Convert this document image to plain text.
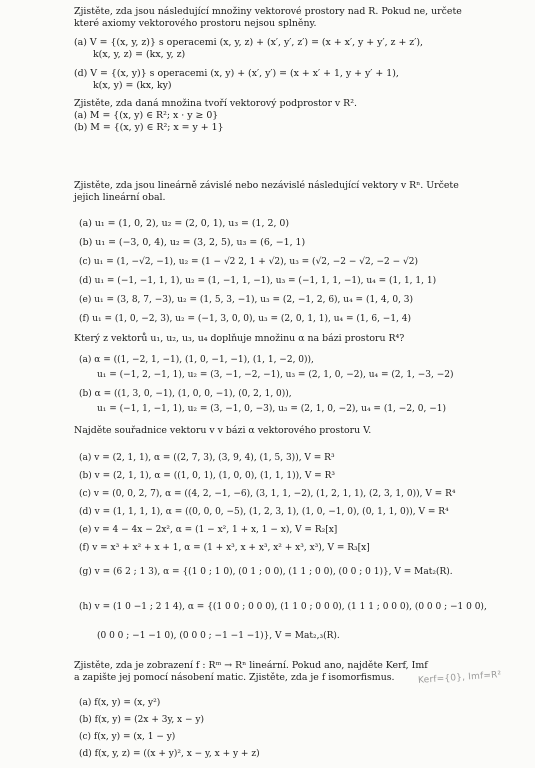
Zjistěte, zda jsou následující množiny vektorové prostory nad R. Pokud ne, určete
které axiomy vektorového prostoru nejsou splněny.
(a) V = {(x, y, z)} s operacemi (x, y, z) + (x′, y′, z′) = (x + x′, y + y′, z + z′),
k(x, y, z) = (kx, y, z)
(d) V = {(x, y)} s operacemi (x, y) + (x′, y′) = (x + x′ + 1, y + y′ + 1),
k(x, y) = (kx, ky)
Zjistěte, zda daná množina tvoří vektorový podprostor v R².
(a) M = {(x, y) ∈ R²; x · y ≥ 0}
(b) M = {(x, y) ∈ R²; x = y + 1}
Zjistěte, zda jsou lineárně závislé nebo nezávislé následující vektory v Rⁿ. Určete
jejich lineární obal.
(a) u₁ = (1, 0, 2), u₂ = (2, 0, 1), u₃ = (1, 2, 0)
(b) u₁ = (−3, 0, 4), u₂ = (3, 2, 5), u₃ = (6, −1, 1)
(c) u₁ = (1, −√2, −1), u₂ = (1 − √2 2, 1 + √2), u₃ = (√2, −2 − √2, −2 − √2)
(d) u₁ = (−1, −1, 1, 1), u₂ = (1, −1, 1, −1), u₃ = (−1, 1, 1, −1), u₄ = (1, 1, 1, 1)
(e) u₁ = (3, 8, 7, −3), u₂ = (1, 5, 3, −1), u₃ = (2, −1, 2, 6), u₄ = (1, 4, 0, 3)
(f) u₁ = (1, 0, −2, 3), u₂ = (−1, 3, 0, 0), u₃ = (2, 0, 1, 1), u₄ = (1, 6, −1, 4)
Který z vektorů u₁, u₂, u₃, u₄ doplňuje množinu α na bázi prostoru R⁴?
(a) α = ((1, −2, 1, −1), (1, 0, −1, −1), (1, 1, −2, 0)),
u₁ = (−1, 2, −1, 1), u₂ = (3, −1, −2, −1), u₃ = (2, 1, 0, −2), u₄ = (2, 1, −3, −2)
(b) α = ((1, 3, 0, −1), (1, 0, 0, −1), (0, 2, 1, 0)),
u₁ = (−1, 1, −1, 1), u₂ = (3, −1, 0, −3), u₃ = (2, 1, 0, −2), u₄ = (1, −2, 0, −1)
Najděte souřadnice vektoru v v bázi α vektorového prostoru V.
(a) v = (2, 1, 1), α = ((2, 7, 3), (3, 9, 4), (1, 5, 3)), V = R³
(b) v = (2, 1, 1), α = ((1, 0, 1), (1, 0, 0), (1, 1, 1)), V = R³
(c) v = (0, 0, 2, 7), α = ((4, 2, −1, −6), (3, 1, 1, −2), (1, 2, 1, 1), (2, 3, 1, 0)), V = R⁴
(d) v = (1, 1, 1, 1), α = ((0, 0, 0, −5), (1, 2, 3, 1), (1, 0, −1, 0), (0, 1, 1, 0)), V = R⁴
(e) v = 4 − 4x − 2x², α = (1 − x², 1 + x, 1 − x), V = R₂[x]
(f) v = x³ + x² + x + 1, α = (1 + x³, x + x³, x² + x³, x³), V = R₃[x]
(g) v = (6 2 ; 1 3), α = {(1 0 ; 1 0), (0 1 ; 0 0), (1 1 ; 0 0), (0 0 ; 0 1)}, V = Mat₂(R).
(h) v = (1 0 −1 ; 2 1 4), α = {(1 0 0 ; 0 0 0), (1 1 0 ; 0 0 0), (1 1 1 ; 0 0 0), (0 0 0 ; −1 0 0),
(0 0 0 ; −1 −1 0), (0 0 0 ; −1 −1 −1)}, V = Mat₂,₃(R).
Zjistěte, zda je zobrazení f : Rᵐ → Rⁿ lineární. Pokud ano, najděte Kerf, Imf
a zapište jej pomocí násobení matic. Zjistěte, zda je f isomorfismus.	Kerf={0}, Imf=R²
(a) f(x, y) = (x, y²)
(b) f(x, y) = (2x + 3y, x − y)
(c) f(x, y) = (x, 1 − y)
(d) f(x, y, z) = ((x + y)², x − y, x + y + z)
